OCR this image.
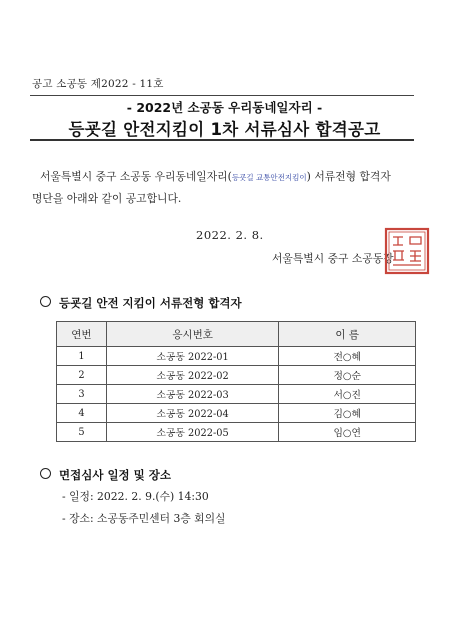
공고 소공동 제2022 - 11호
- 2022년 소공동 우리동네일자리 -
등굣길 안전지킴이 1차 서류심사 합격공고
서울특별시 중구 소공동 우리동네일자리(등굣길 교통안전지킴이) 서류전형 합격자
명단을 아래와 같이 공고합니다.
2022. 2. 8.
서울특별시 중구 소공동장
등굣길 안전 지킴이 서류전형 합격자
연번	응시번호	이 름
1	소공동 2022-01	전○혜
2	소공동 2022-02	정○순
3	소공동 2022-03	서○진
4	소공동 2022-04	김○혜
5	소공동 2022-05	임○연
면접심사 일정 및 장소
- 일정: 2022. 2. 9.(수) 14:30
- 장소: 소공동주민센터 3층 회의실
